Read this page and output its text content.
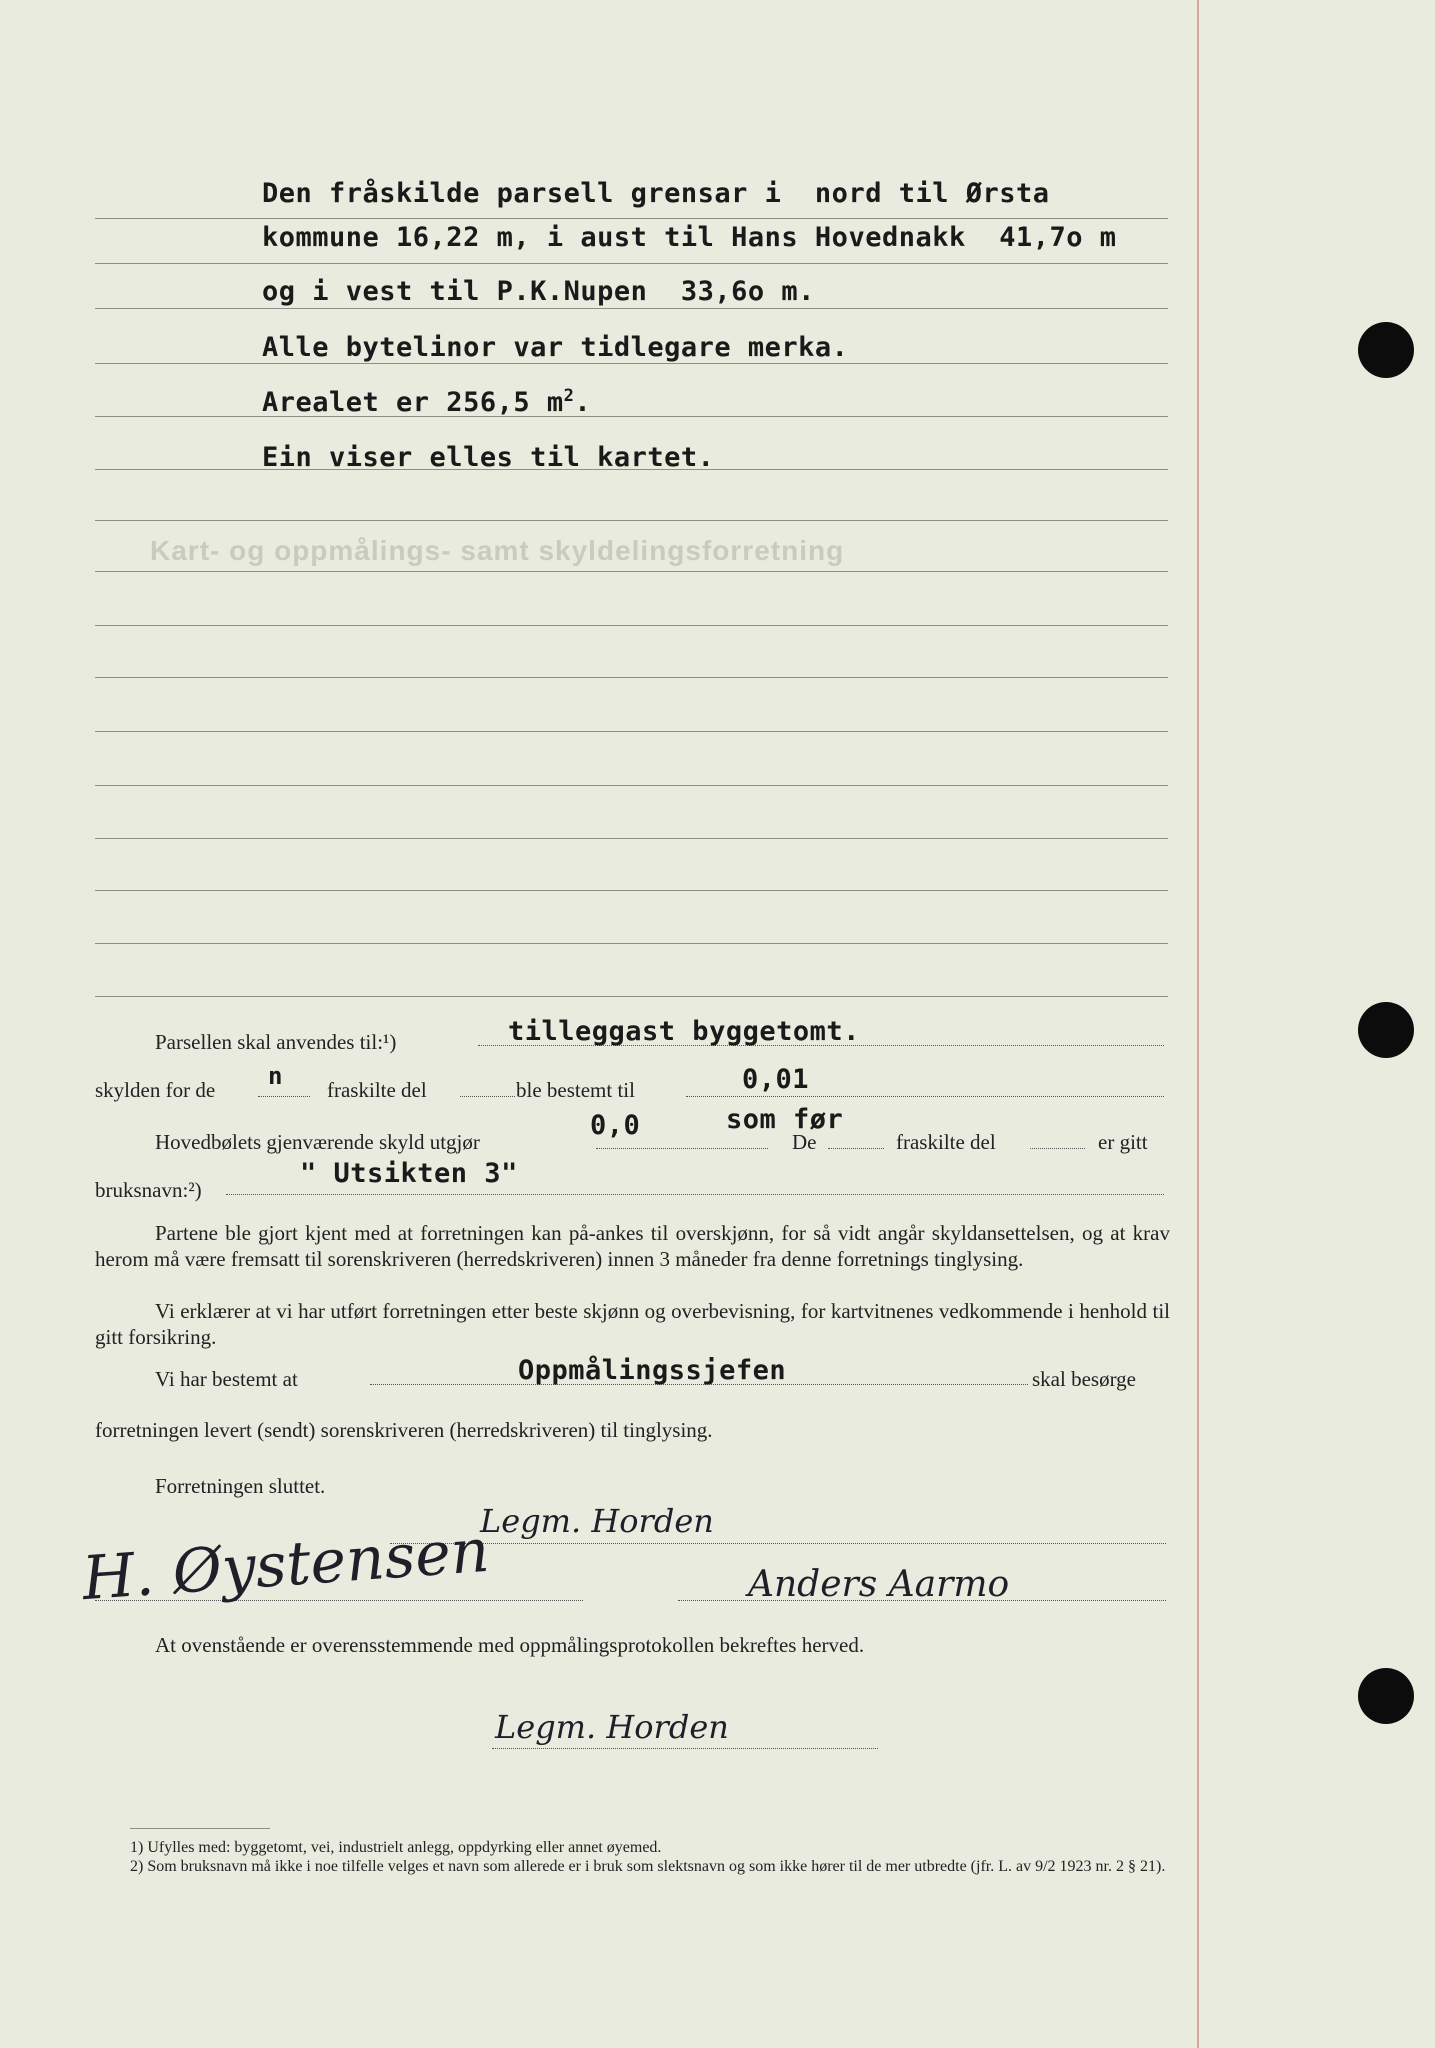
Kart- og oppmålings- samt skyldelingsforretning
Den fråskilde parsell grensar i  nord til Ørsta
kommune 16,22 m, i aust til Hans Hovednakk  41,7o m
og i vest til P.K.Nupen  33,6o m.
Alle bytelinor var tidlegare merka.
Arealet er 256,5 $m^2$.
Ein viser elles til kartet.
Parsellen skal anvendes til:¹)	tilleggast byggetomt.
skylden for de n fraskilte del	ble bestemt til	0,01
Hovedbølets gjenværende skyld utgjør
0,0	som før
De	fraskilte del	er gitt
bruksnavn:²)
" Utsikten 3"
Partene ble gjort kjent med at forretningen kan på-ankes til overskjønn, for så vidt angår skyldansettelsen, og at krav herom må være fremsatt til sorenskriveren (herredskriveren) innen 3 måneder fra denne forretnings tinglysing.
Vi erklærer at vi har utført forretningen etter beste skjønn og overbevisning, for kartvitnenes vedkommende i henhold til gitt forsikring.
Vi har bestemt at	Oppmålingssjefen	skal besørge
forretningen levert (sendt) sorenskriveren (herredskriveren) til tinglysing.
Forretningen sluttet.
Legm. Horden
H. Øystensen	Anders Aarmo
At ovenstående er overensstemmende med oppmålingsprotokollen bekreftes herved.
Legm. Horden
1) Ufylles med: byggetomt, vei, industrielt anlegg, oppdyrking eller annet øyemed.
2) Som bruksnavn må ikke i noe tilfelle velges et navn som allerede er i bruk som slektsnavn og som ikke hører til de mer utbredte (jfr. L. av 9/2 1923 nr. 2 § 21).
